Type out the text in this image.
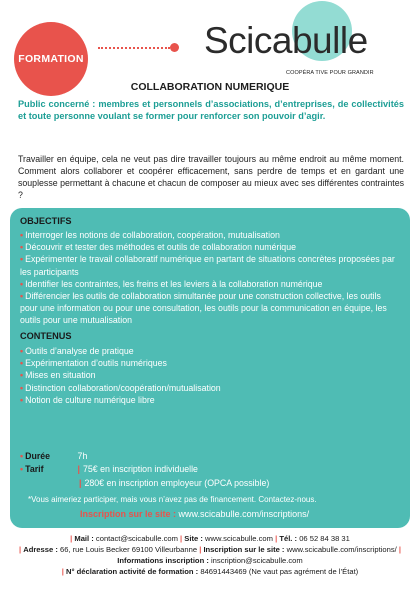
FORMATION	Scicabulle
COOPÉRA TIVE POUR GRANDIR
COLLABORATION NUMERIQUE
Public concerné : membres et personnels d’associations, d’entreprises, de collectivités et toute personne voulant se former pour renforcer son pouvoir d’agir.
Travailler en équipe, cela ne veut pas dire travailler toujours au même endroit au même moment. Comment alors collaborer et coopérer efficacement, sans perdre de temps et en gardant une souplesse permettant à chacune et chacun de composer au mieux avec ses différentes contraintes ?
OBJECTIFS
• Interroger les notions de collaboration, coopération, mutualisation
• Découvrir et tester des méthodes et outils de collaboration numérique
• Expérimenter le travail collaboratif numérique en partant de situations concrètes proposées par les participants
• Identifier les contraintes, les freins et les leviers à la collaboration numérique
• Différencier les outils de collaboration simultanée pour une construction collective, les outils pour une information ou pour une consultation, les outils pour la communication en équipe, les outils pour une mutualisation
CONTENUS
• Outils d’analyse de pratique
• Expérimentation d’outils numériques
• Mises en situation
• Distinction collaboration/coopération/mutualisation
• Notion de culture numérique libre
• Durée	7h
• Tarif	| 75€ en inscription individuelle
| 280€ en inscription employeur (OPCA possible)
*Vous aimeriez participer, mais vous n’avez pas de financement. Contactez-nous.
Inscription sur le site : www.scicabulle.com/inscriptions/
| Mail : contact@scicabulle.com | Site : www.scicabulle.com | Tél. : 06 52 84 38 31
| Adresse : 66, rue Louis Becker 69100 Villeurbanne | Inscription sur le site : www.scicabulle.com/inscriptions/ | Informations inscription : inscription@scicabulle.com
| N° déclaration activité de formation : 84691443469 (Ne vaut pas agrément de l’État)
